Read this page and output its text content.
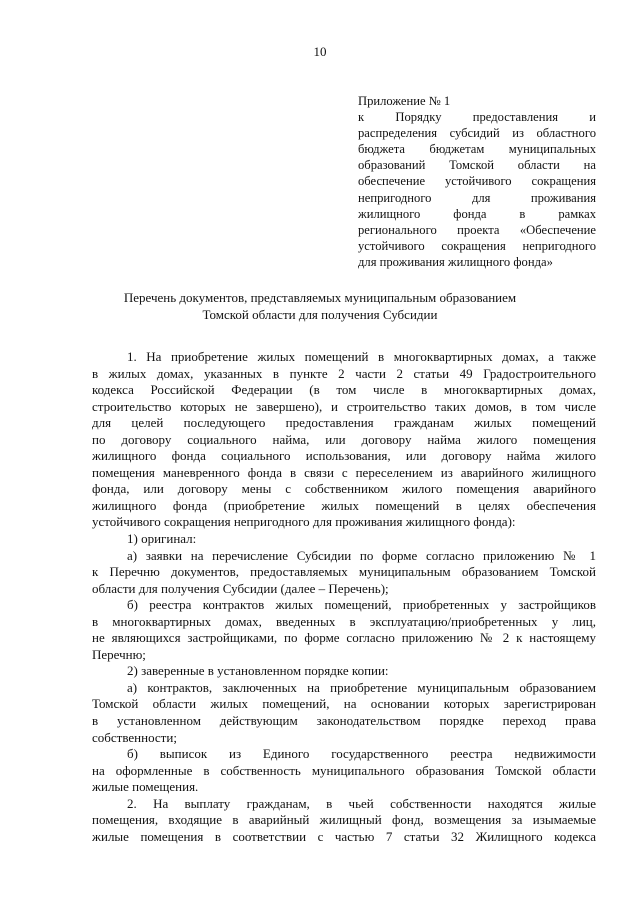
10
Приложение № 1
к Порядку предоставления и
распределения субсидий из областного
бюджета бюджетам муниципальных
образований Томской области на
обеспечение устойчивого сокращения
непригодного для проживания
жилищного фонда в рамках
регионального проекта «Обеспечение
устойчивого сокращения непригодного
для проживания жилищного фонда»
Перечень документов, представляемых муниципальным образованием
Томской области для получения Субсидии
1. На приобретение жилых помещений в многоквартирных домах, а также
в жилых домах, указанных в пункте 2 части 2 статьи 49 Градостроительного
кодекса Российской Федерации (в том числе в многоквартирных домах,
строительство которых не завершено), и строительство таких домов, в том числе
для целей последующего предоставления гражданам жилых помещений
по договору социального найма, или договору найма жилого помещения
жилищного фонда социального использования, или договору найма жилого
помещения маневренного фонда в связи с переселением из аварийного жилищного
фонда, или договору мены с собственником жилого помещения аварийного
жилищного фонда (приобретение жилых помещений в целях обеспечения
устойчивого сокращения непригодного для проживания жилищного фонда):
1) оригинал:
а) заявки на перечисление Субсидии по форме согласно приложению № 1
к Перечню документов, предоставляемых муниципальным образованием Томской
области для получения Субсидии (далее – Перечень);
б) реестра контрактов жилых помещений, приобретенных у застройщиков
в многоквартирных домах, введенных в эксплуатацию/приобретенных у лиц,
не являющихся застройщиками, по форме согласно приложению № 2 к настоящему
Перечню;
2) заверенные в установленном порядке копии:
а) контрактов, заключенных на приобретение муниципальным образованием
Томской области жилых помещений, на основании которых зарегистрирован
в установленном действующим законодательством порядке переход права
собственности;
б) выписок из Единого государственного реестра недвижимости
на оформленные в собственность муниципального образования Томской области
жилые помещения.
2. На выплату гражданам, в чьей собственности находятся жилые
помещения, входящие в аварийный жилищный фонд, возмещения за изымаемые
жилые помещения в соответствии с частью 7 статьи 32 Жилищного кодекса
